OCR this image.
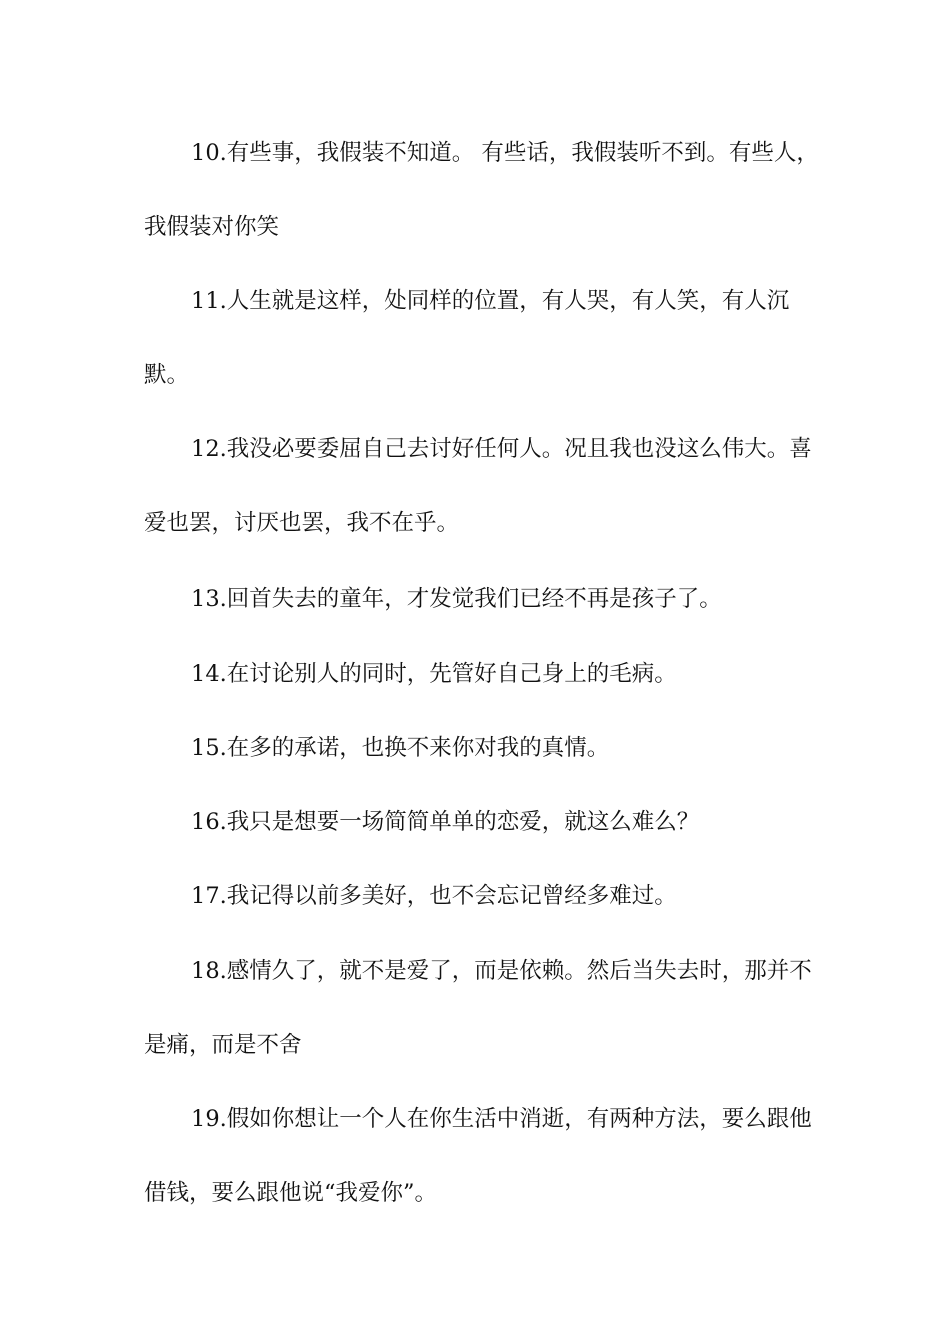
10.有些事，我假装不知道。 有些话，我假装听不到。有些人，我假装对你笑

11.人生就是这样，处同样的位置，有人哭，有人笑，有人沉默。

12.我没必要委屈自己去讨好任何人。况且我也没这么伟大。喜爱也罢，讨厌也罢，我不在乎。

13.回首失去的童年，才发觉我们已经不再是孩子了。

14.在讨论别人的同时，先管好自己身上的毛病。

15.在多的承诺，也换不来你对我的真情。

16.我只是想要一场简简单单的恋爱，就这么难么？

17.我记得以前多美好，也不会忘记曾经多难过。

18.感情久了，就不是爱了，而是依赖。然后当失去时，那并不是痛，而是不舍

19.假如你想让一个人在你生活中消逝，有两种方法，要么跟他借钱，要么跟他说“我爱你”。
